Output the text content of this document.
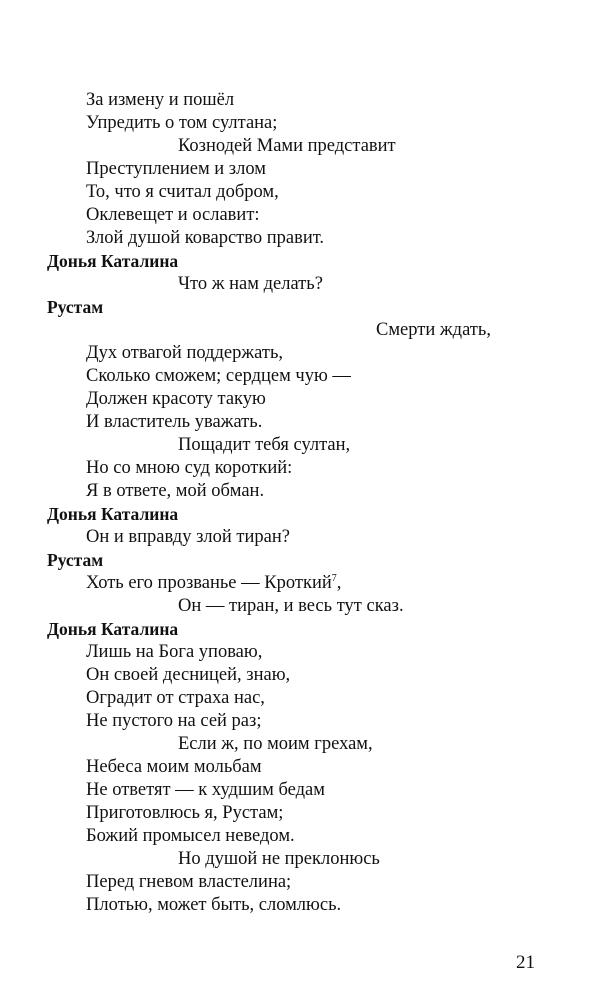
За измену и пошёл
Упредить о том султана;
Кознодей Мами представит
Преступлением и злом
То, что я считал добром,
Оклевещет и ославит:
Злой душой коварство правит.
Донья Каталина
Что ж нам делать?
Рустам
Смерти ждать,
Дух отвагой поддержать,
Сколько сможем; сердцем чую —
Должен красоту такую
И властитель уважать.
Пощадит тебя султан,
Но со мною суд короткий:
Я в ответе, мой обман.
Донья Каталина
Он и вправду злой тиран?
Рустам
Хоть его прозванье — Кроткий$^7$,
Он — тиран, и весь тут сказ.
Донья Каталина
Лишь на Бога уповаю,
Он своей десницей, знаю,
Оградит от страха нас,
Не пустого на сей раз;
Если ж, по моим грехам,
Небеса моим мольбам
Не ответят — к худшим бедам
Приготовлюсь я, Рустам;
Божий промысел неведом.
Но душой не преклонюсь
Перед гневом властелина;
Плотью, может быть, сломлюсь.
21
